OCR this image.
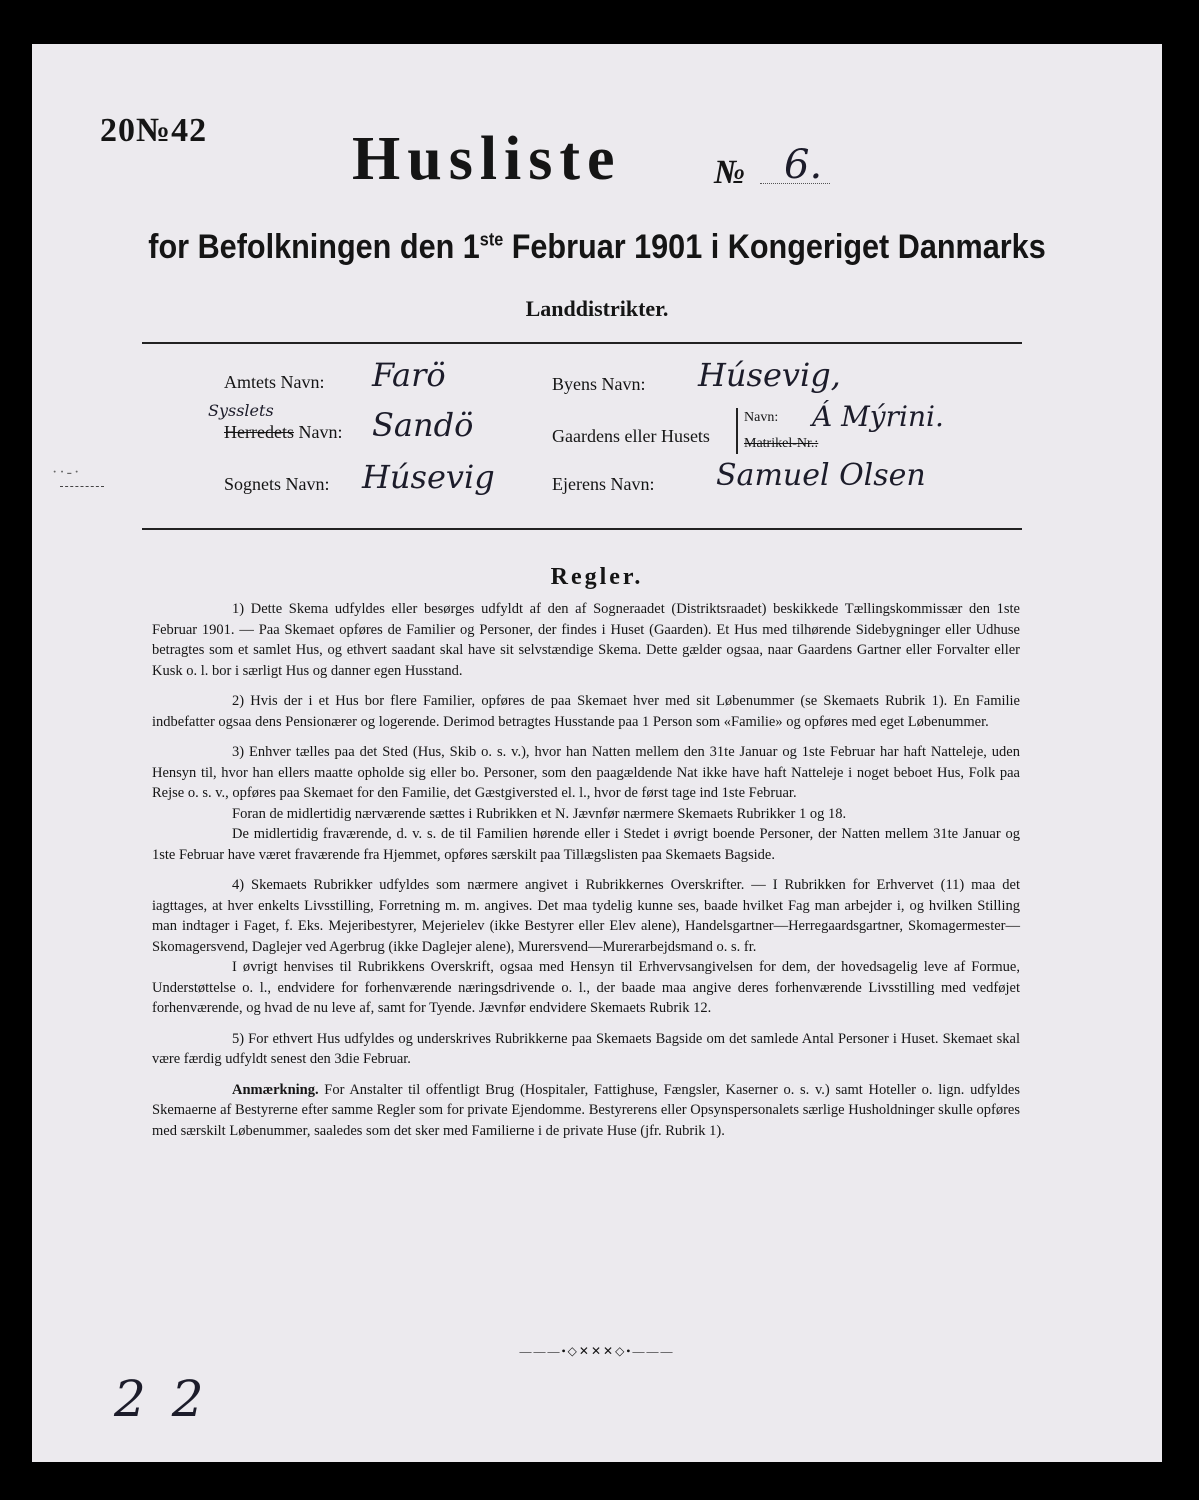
20№42 Husliste	№ 6.
for Befolkningen den 1ste Februar 1901 i Kongeriget Danmarks
Landdistrikter.
Amtets Navn: Farö
Sysslets
Herredets Navn: Sandö
Sognets Navn: Húsevig
··-·
Byens Navn: Húsevig,
Gaardens eller Husets
Navn: Á Mýrini.
Matrikel-Nr.:
Ejerens Navn: Samuel Olsen
Regler.

1) Dette Skema udfyldes eller besørges udfyldt af den af Sogneraadet (Distriktsraadet) beskikkede Tællingskommissær den 1ste Februar 1901. — Paa Skemaet opføres de Familier og Personer, der findes i Huset (Gaarden). Et Hus med tilhørende Sidebygninger eller Udhuse betragtes som et samlet Hus, og ethvert saadant skal have sit selvstændige Skema. Dette gælder ogsaa, naar Gaardens Gartner eller Forvalter eller Kusk o. l. bor i særligt Hus og danner egen Husstand.

2) Hvis der i et Hus bor flere Familier, opføres de paa Skemaet hver med sit Løbenummer (se Skemaets Rubrik 1). En Familie indbefatter ogsaa dens Pensionærer og logerende. Derimod betragtes Husstande paa 1 Person som «Familie» og opføres med eget Løbenummer.

3) Enhver tælles paa det Sted (Hus, Skib o. s. v.), hvor han Natten mellem den 31te Januar og 1ste Februar har haft Natteleje, uden Hensyn til, hvor han ellers maatte opholde sig eller bo. Personer, som den paagældende Nat ikke have haft Natteleje i noget beboet Hus, Folk paa Rejse o. s. v., opføres paa Skemaet for den Familie, det Gæstgiversted el. l., hvor de først tage ind 1ste Februar.

Foran de midlertidig nærværende sættes i Rubrikken et N. Jævnfør nærmere Skemaets Rubrikker 1 og 18.

De midlertidig fraværende, d. v. s. de til Familien hørende eller i Stedet i øvrigt boende Personer, der Natten mellem 31te Januar og 1ste Februar have været fraværende fra Hjemmet, opføres særskilt paa Tillægslisten paa Skemaets Bagside.

4) Skemaets Rubrikker udfyldes som nærmere angivet i Rubrikkernes Overskrifter. — I Rubrikken for Erhvervet (11) maa det iagttages, at hver enkelts Livsstilling, Forretning m. m. angives. Det maa tydelig kunne ses, baade hvilket Fag man arbejder i, og hvilken Stilling man indtager i Faget, f. Eks. Mejeribestyrer, Mejerielev (ikke Bestyrer eller Elev alene), Handelsgartner—Herregaardsgartner, Skomagermester—Skomagersvend, Daglejer ved Agerbrug (ikke Daglejer alene), Murersvend—Murerarbejdsmand o. s. fr.

I øvrigt henvises til Rubrikkens Overskrift, ogsaa med Hensyn til Erhvervsangivelsen for dem, der hovedsagelig leve af Formue, Understøttelse o. l., endvidere for forhenværende næringsdrivende o. l., der baade maa angive deres forhenværende Livsstilling med vedføjet forhenværende, og hvad de nu leve af, samt for Tyende. Jævnfør endvidere Skemaets Rubrik 12.

5) For ethvert Hus udfyldes og underskrives Rubrikkerne paa Skemaets Bagside om det samlede Antal Personer i Huset. Skemaet skal være færdig udfyldt senest den 3die Februar.

Anmærkning. For Anstalter til offentligt Brug (Hospitaler, Fattighuse, Fængsler, Kaserner o. s. v.) samt Hoteller o. lign. udfyldes Skemaerne af Bestyrerne efter samme Regler som for private Ejendomme. Bestyrerens eller Opsynspersonalets særlige Husholdninger skulle opføres med særskilt Løbenummer, saaledes som det sker med Familierne i de private Huse (jfr. Rubrik 1).

———•◇✕✕✕◇•———
22
